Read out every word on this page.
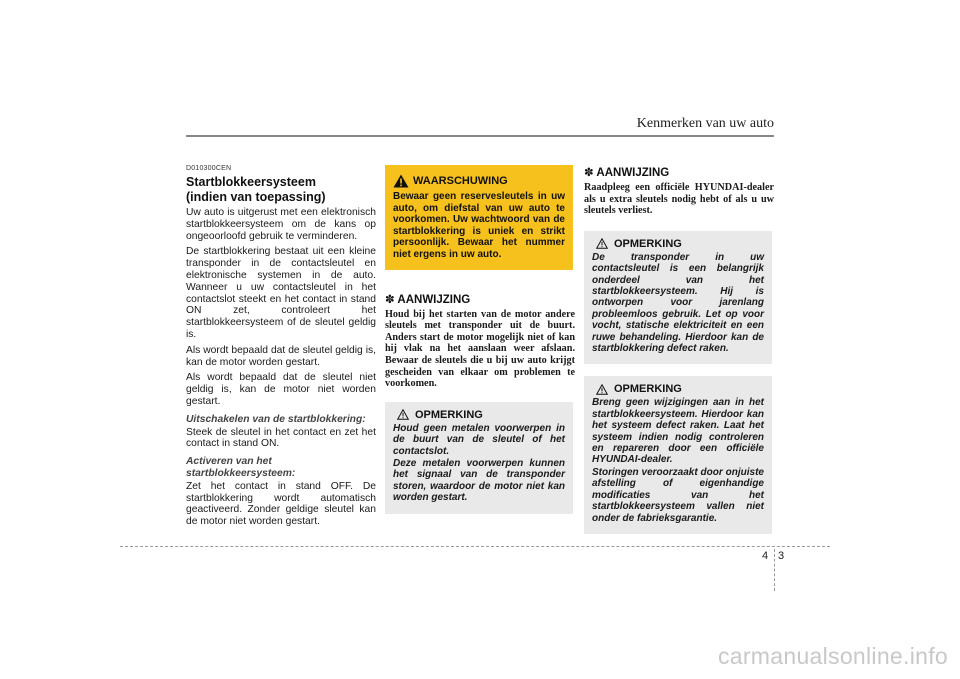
Kenmerken van uw auto
D010300CEN
Startblokkeersysteem
(indien van toepassing)

Uw auto is uitgerust met een elektronisch startblokkeersysteem om de kans op ongeoorloofd gebruik te verminderen.

De startblokkering bestaat uit een kleine transponder in de contactsleutel en elektronische systemen in de auto. Wanneer u uw contactsleutel in het contactslot steekt en het contact in stand ON zet, controleert het startblokkeersysteem of de sleutel geldig is.

Als wordt bepaald dat de sleutel geldig is, kan de motor worden gestart.

Als wordt bepaald dat de sleutel niet geldig is, kan de motor niet worden gestart.

Uitschakelen van de startblokkering:

Steek de sleutel in het contact en zet het contact in stand ON.

Activeren van het
startblokkeersysteem:

Zet het contact in stand OFF. De startblokkering wordt automatisch geactiveerd. Zonder geldige sleutel kan de motor niet worden gestart.

WAARSCHUWING
Bewaar geen reservesleutels in uw auto, om diefstal van uw auto te voorkomen. Uw wachtwoord van de startblokkering is uniek en strikt persoonlijk. Bewaar het nummer niet ergens in uw auto.
✽ AANWIJZING
Houd bij het starten van de motor andere sleutels met transponder uit de buurt. Anders start de motor mogelijk niet of kan hij vlak na het aanslaan weer afslaan. Bewaar de sleutels die u bij uw auto krijgt gescheiden van elkaar om problemen te voorkomen.
OPMERKING

Houd geen metalen voorwerpen in de buurt van de sleutel of het contactslot.

Deze metalen voorwerpen kunnen het signaal van de transponder storen, waardoor de motor niet kan worden gestart.

✽ AANWIJZING
Raadpleeg een officiële HYUNDAI-dealer als u extra sleutels nodig hebt of als u uw sleutels verliest.
OPMERKING

De transponder in uw contactsleutel is een belangrijk onderdeel van het startblokkeersysteem. Hij is ontworpen voor jarenlang probleemloos gebruik. Let op voor vocht, statische elektriciteit en een ruwe behandeling. Hierdoor kan de startblokkering defect raken.

OPMERKING

Breng geen wijzigingen aan in het startblokkeersysteem. Hierdoor kan het systeem defect raken. Laat het systeem indien nodig controleren en repareren door een officiële HYUNDAI-dealer.

Storingen veroorzaakt door onjuiste afstelling of eigenhandige modificaties van het startblokkeersysteem vallen niet onder de fabrieksgarantie.

4 3
carmanualsonline.info
